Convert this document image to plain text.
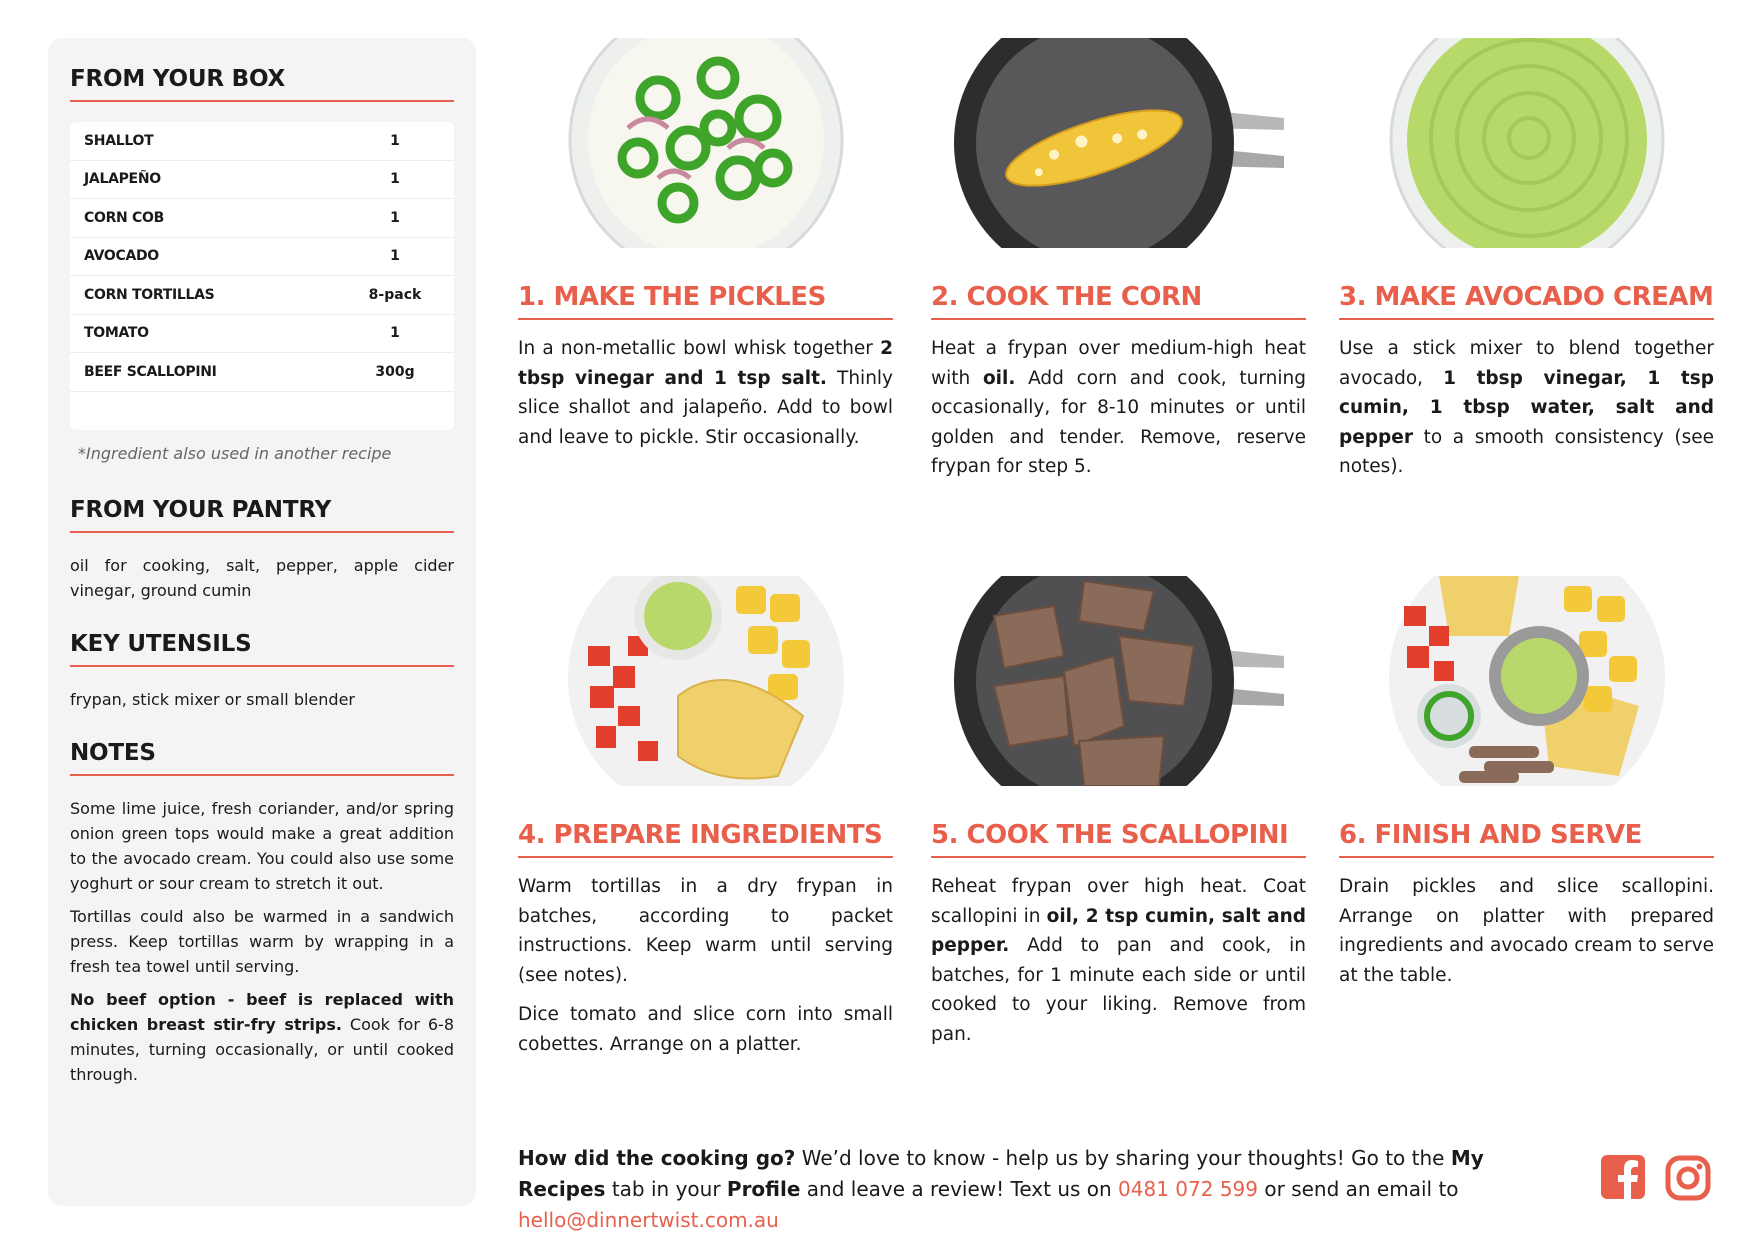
FROM YOUR BOX
SHALLOT	1
JALAPEÑO	1
CORN COB	1
AVOCADO	1
CORN TORTILLAS	8-pack
TOMATO	1
BEEF SCALLOPINI	300g
*Ingredient also used in another recipe
FROM YOUR PANTRY

oil for cooking, salt, pepper, apple cider vinegar, ground cumin

KEY UTENSILS

frypan, stick mixer or small blender

NOTES

Some lime juice, fresh coriander, and/or spring onion green tops would make a great addition to the avocado cream. You could also use some yoghurt or sour cream to stretch it out.

Tortillas could also be warmed in a sandwich press. Keep tortillas warm by wrapping in a fresh tea towel until serving.

No beef option - beef is replaced with chicken breast stir-fry strips. Cook for 6-8 minutes, turning occasionally, or until cooked through.

1. MAKE THE PICKLES

In a non-metallic bowl whisk together 2 tbsp vinegar and 1 tsp salt. Thinly slice shallot and jalapeño. Add to bowl and leave to pickle. Stir occasionally.

2. COOK THE CORN

Heat a frypan over medium-high heat with oil. Add corn and cook, turning occasionally, for 8-10 minutes or until golden and tender. Remove, reserve frypan for step 5.

3. MAKE AVOCADO CREAM

Use a stick mixer to blend together avocado, 1 tbsp vinegar, 1 tsp cumin, 1 tbsp water, salt and pepper to a smooth consistency (see notes).

4. PREPARE INGREDIENTS

Warm tortillas in a dry frypan in batches, according to packet instructions. Keep warm until serving (see notes).

Dice tomato and slice corn into small cobettes. Arrange on a platter.

5. COOK THE SCALLOPINI

Reheat frypan over high heat. Coat scallopini in oil, 2 tsp cumin, salt and pepper. Add to pan and cook, in batches, for 1 minute each side or until cooked to your liking. Remove from pan.

6. FINISH AND SERVE

Drain pickles and slice scallopini. Arrange on platter with prepared ingredients and avocado cream to serve at the table.

How did the cooking go? We’d love to know - help us by sharing your thoughts! Go to the My Recipes tab in your Profile and leave a review! Text us on 0481 072 599 or send an email to hello@dinnertwist.com.au
